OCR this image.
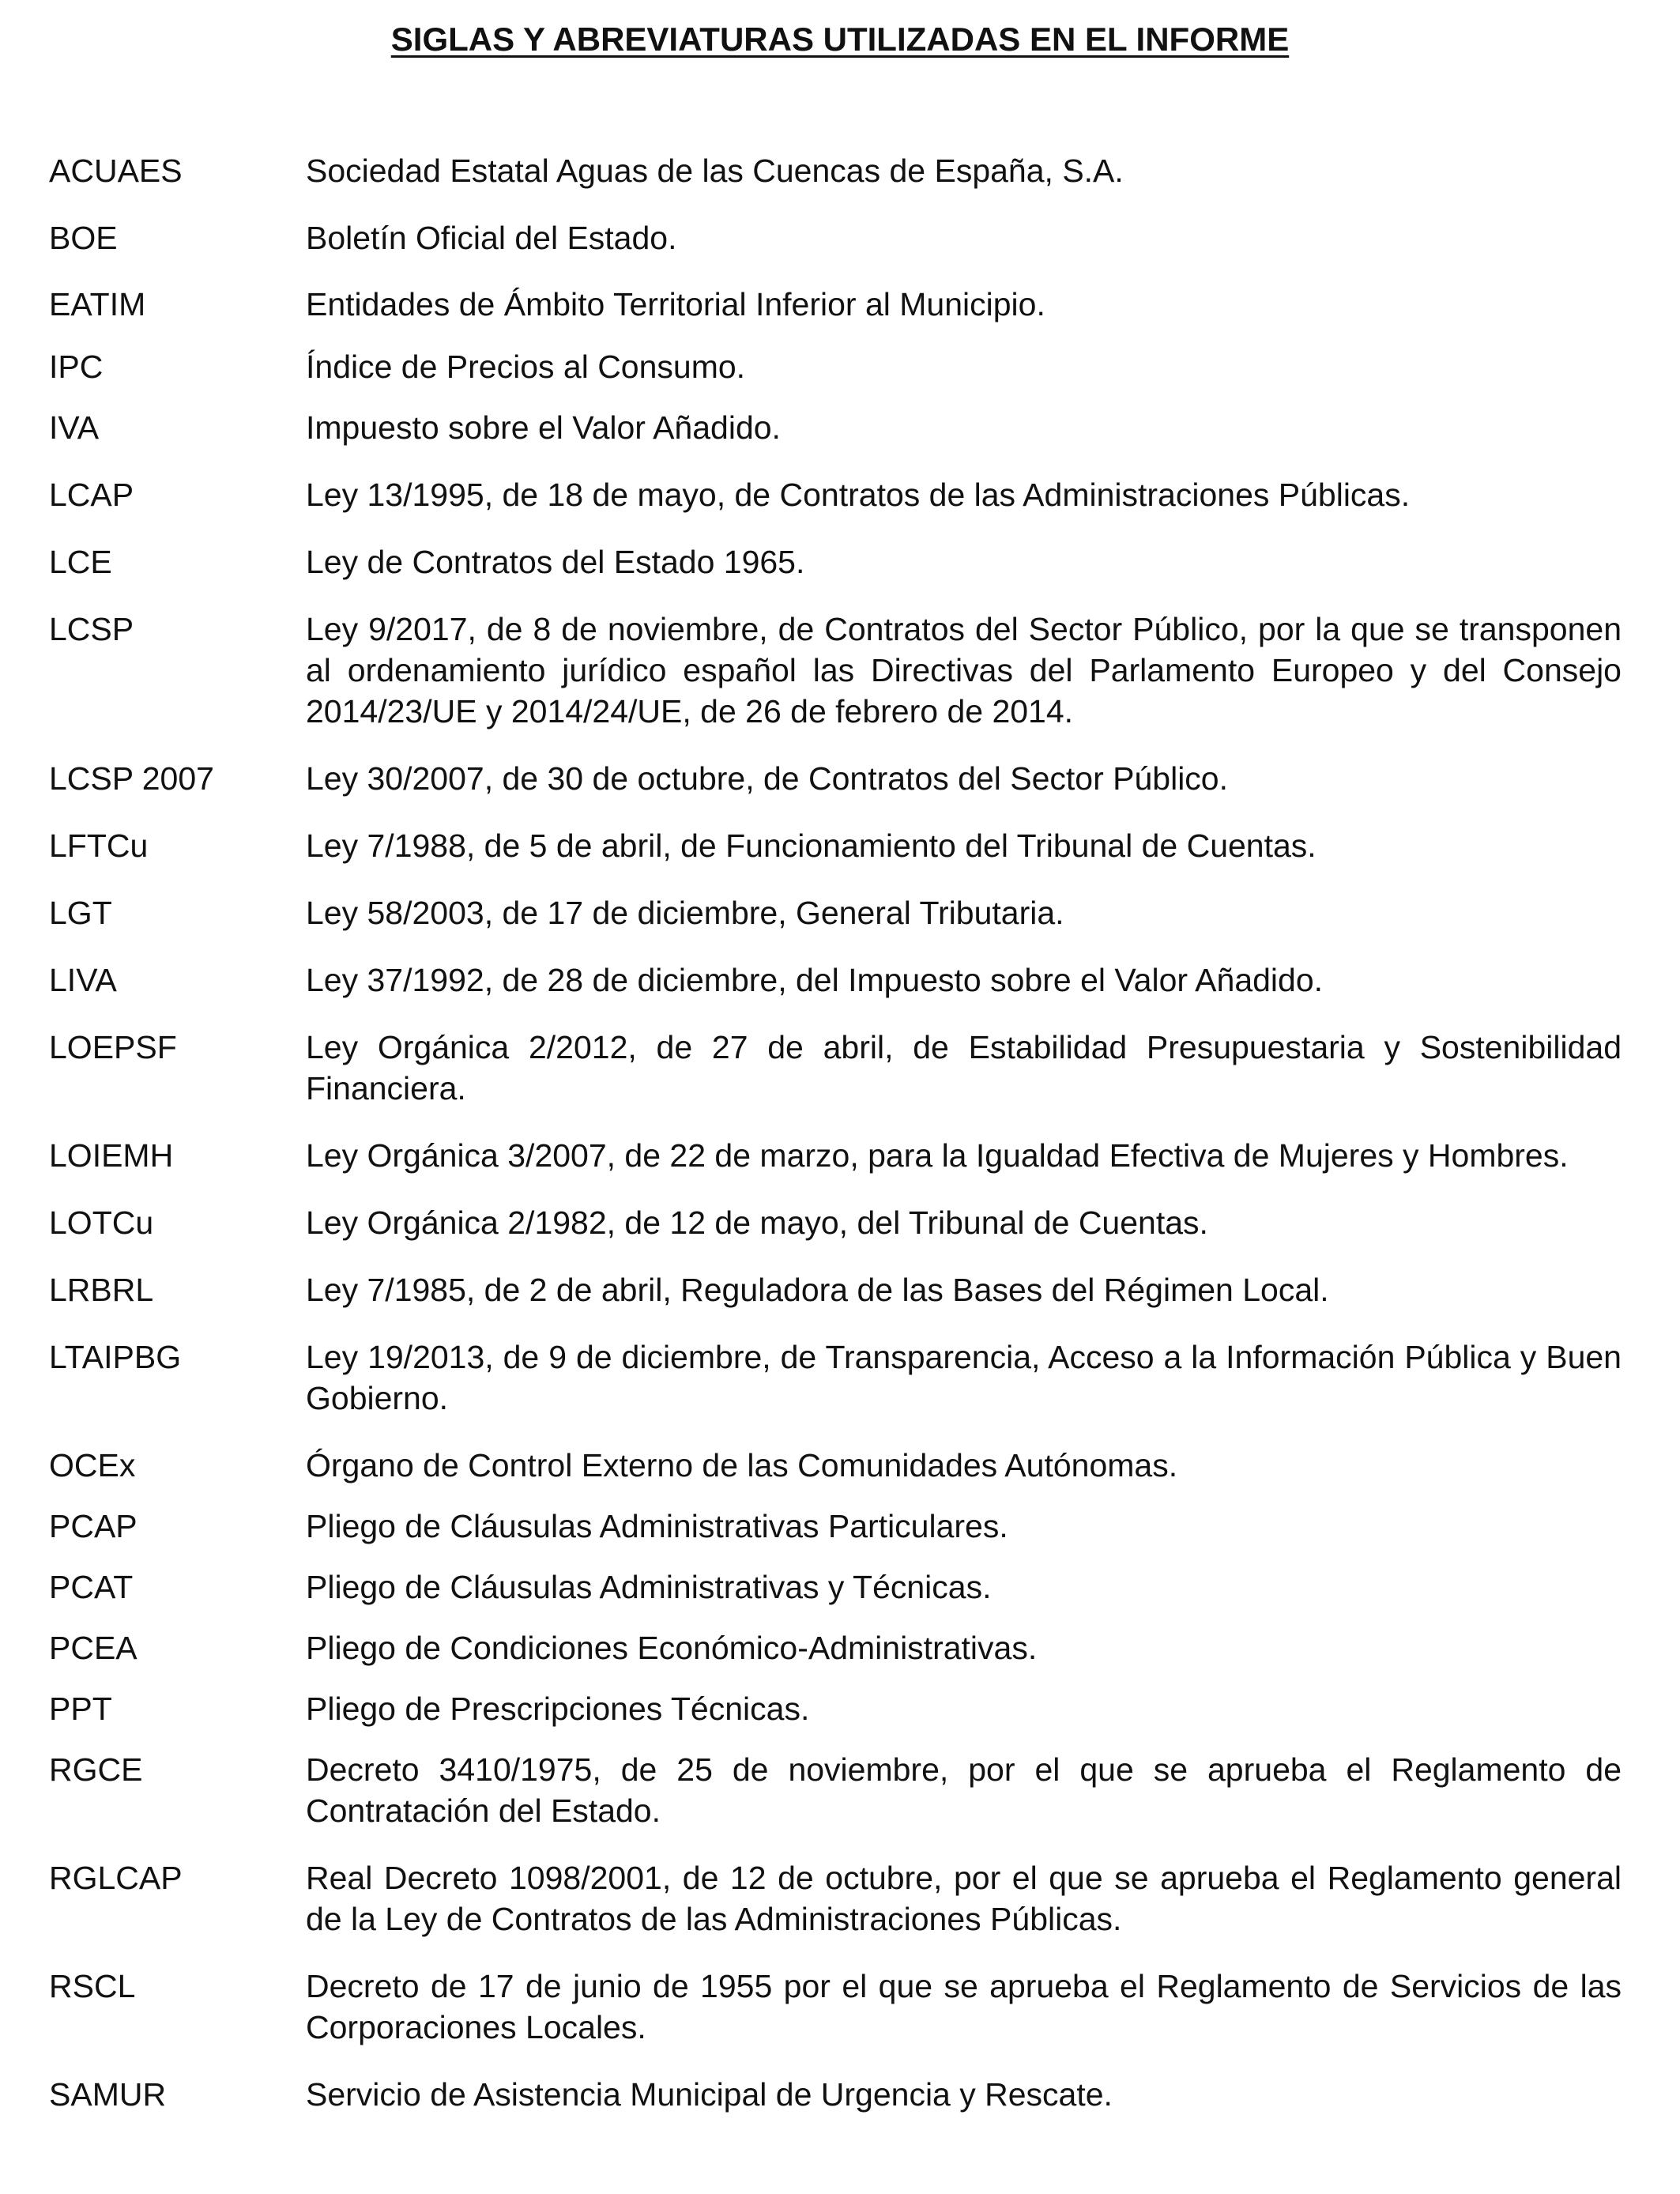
SIGLAS Y ABREVIATURAS UTILIZADAS EN EL INFORME
ACUAES	Sociedad Estatal Aguas de las Cuencas de España, S.A.
BOE	Boletín Oficial del Estado.
EATIM	Entidades de Ámbito Territorial Inferior al Municipio.
IPC	Índice de Precios al Consumo.
IVA	Impuesto sobre el Valor Añadido.
LCAP	Ley 13/1995, de 18 de mayo, de Contratos de las Administraciones Públicas.
LCE	Ley de Contratos del Estado 1965.
LCSP	Ley 9/2017, de 8 de noviembre, de Contratos del Sector Público, por la que se transponen al ordenamiento jurídico español las Directivas del Parlamento Europeo y del Consejo 2014/23/UE y 2014/24/UE, de 26 de febrero de 2014.
LCSP 2007	Ley 30/2007, de 30 de octubre, de Contratos del Sector Público.
LFTCu	Ley 7/1988, de 5 de abril, de Funcionamiento del Tribunal de Cuentas.
LGT	Ley 58/2003, de 17 de diciembre, General Tributaria.
LIVA	Ley 37/1992, de 28 de diciembre, del Impuesto sobre el Valor Añadido.
LOEPSF	Ley Orgánica 2/2012, de 27 de abril, de Estabilidad Presupuestaria y Sostenibilidad Financiera.
LOIEMH	Ley Orgánica 3/2007, de 22 de marzo, para la Igualdad Efectiva de Mujeres y Hombres.
LOTCu	Ley Orgánica 2/1982, de 12 de mayo, del Tribunal de Cuentas.
LRBRL	Ley 7/1985, de 2 de abril, Reguladora de las Bases del Régimen Local.
LTAIPBG	Ley 19/2013, de 9 de diciembre, de Transparencia, Acceso a la Información Pública y Buen Gobierno.
OCEx	Órgano de Control Externo de las Comunidades Autónomas.
PCAP	Pliego de Cláusulas Administrativas Particulares.
PCAT	Pliego de Cláusulas Administrativas y Técnicas.
PCEA	Pliego de Condiciones Económico-Administrativas.
PPT	Pliego de Prescripciones Técnicas.
RGCE	Decreto 3410/1975, de 25 de noviembre, por el que se aprueba el Reglamento de Contratación del Estado.
RGLCAP	Real Decreto 1098/2001, de 12 de octubre, por el que se aprueba el Reglamento general de la Ley de Contratos de las Administraciones Públicas.
RSCL	Decreto de 17 de junio de 1955 por el que se aprueba el Reglamento de Servicios de las Corporaciones Locales.
SAMUR	Servicio de Asistencia Municipal de Urgencia y Rescate.
